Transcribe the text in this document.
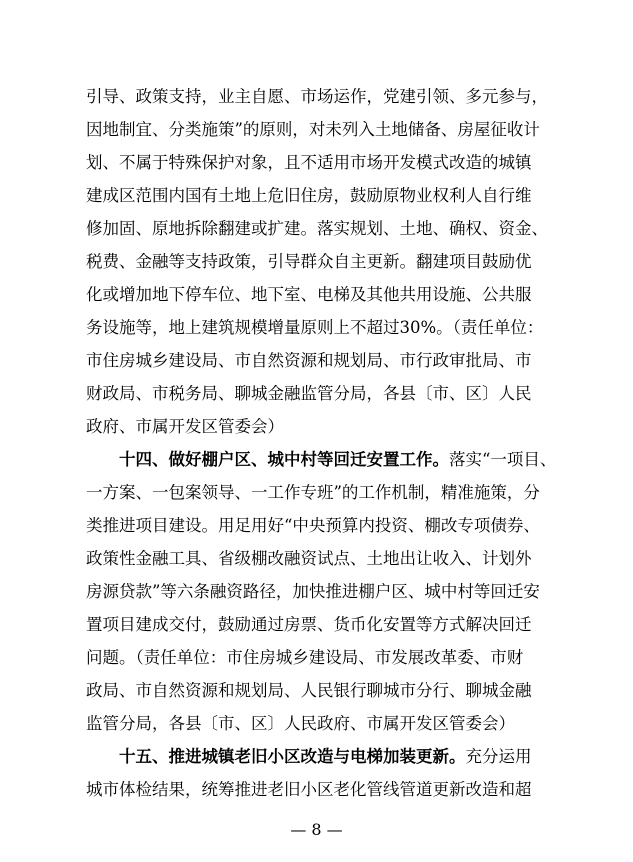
引导、政策支持，业主自愿、市场运作，党建引领、多元参与，
因地制宜、分类施策”的原则，对未列入土地储备、房屋征收计
划、不属于特殊保护对象，且不适用市场开发模式改造的城镇
建成区范围内国有土地上危旧住房，鼓励原物业权利人自行维
修加固、原地拆除翻建或扩建。落实规划、土地、确权、资金、
税费、金融等支持政策，引导群众自主更新。翻建项目鼓励优
化或增加地下停车位、地下室、电梯及其他共用设施、公共服
务设施等，地上建筑规模增量原则上不超过30%。（责任单位：
市住房城乡建设局、市自然资源和规划局、市行政审批局、市
财政局、市税务局、聊城金融监管分局，各县〔市、区〕人民
政府、市属开发区管委会）
十四、做好棚户区、城中村等回迁安置工作。落实“一项目、
一方案、一包案领导、一工作专班”的工作机制，精准施策，分
类推进项目建设。用足用好“中央预算内投资、棚改专项债券、
政策性金融工具、省级棚改融资试点、土地出让收入、计划外
房源贷款”等六条融资路径，加快推进棚户区、城中村等回迁安
置项目建成交付，鼓励通过房票、货币化安置等方式解决回迁
问题。（责任单位：市住房城乡建设局、市发展改革委、市财
政局、市自然资源和规划局、人民银行聊城市分行、聊城金融
监管分局，各县〔市、区〕人民政府、市属开发区管委会）
十五、推进城镇老旧小区改造与电梯加装更新。充分运用
城市体检结果，统筹推进老旧小区老化管线管道更新改造和超
— 8 —
